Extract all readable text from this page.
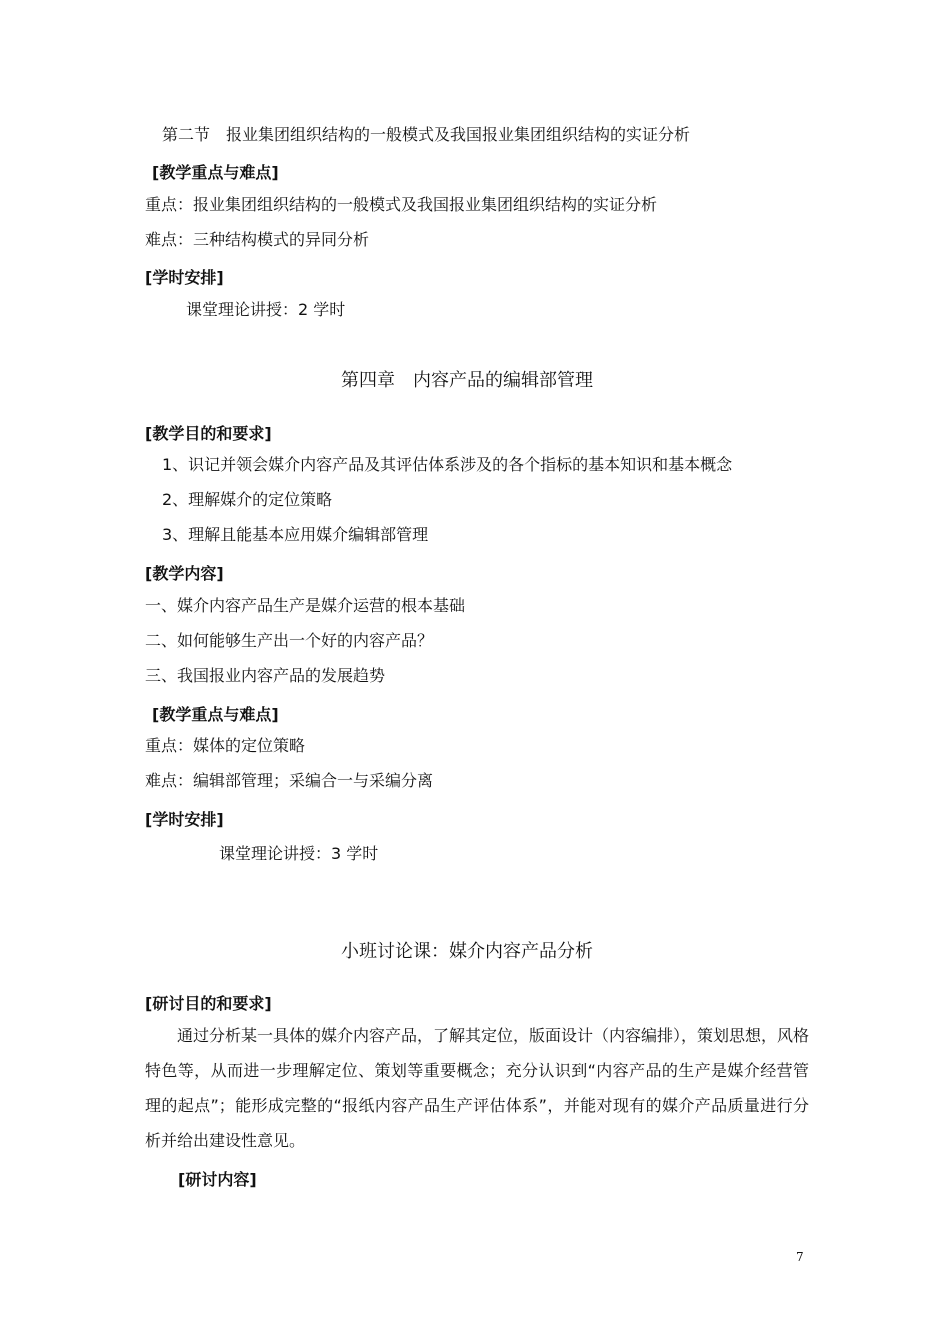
第二节　报业集团组织结构的一般模式及我国报业集团组织结构的实证分析
[教学重点与难点]
重点：报业集团组织结构的一般模式及我国报业集团组织结构的实证分析
难点：三种结构模式的异同分析
[学时安排]
课堂理论讲授：2 学时
第四章　内容产品的编辑部管理
[教学目的和要求]
1、识记并领会媒介内容产品及其评估体系涉及的各个指标的基本知识和基本概念
2、理解媒介的定位策略
3、理解且能基本应用媒介编辑部管理
[教学内容]
一、媒介内容产品生产是媒介运营的根本基础
二、如何能够生产出一个好的内容产品？
三、我国报业内容产品的发展趋势
[教学重点与难点]
重点：媒体的定位策略
难点：编辑部管理；采编合一与采编分离
[学时安排]
课堂理论讲授：3 学时
小班讨论课：媒介内容产品分析
[研讨目的和要求]
通过分析某一具体的媒介内容产品，了解其定位，版面设计（内容编排），策划思想，风格特色等，从而进一步理解定位、策划等重要概念；充分认识到“内容产品的生产是媒介经营管理的起点”；能形成完整的“报纸内容产品生产评估体系”，并能对现有的媒介产品质量进行分析并给出建设性意见。
[研讨内容]
7
